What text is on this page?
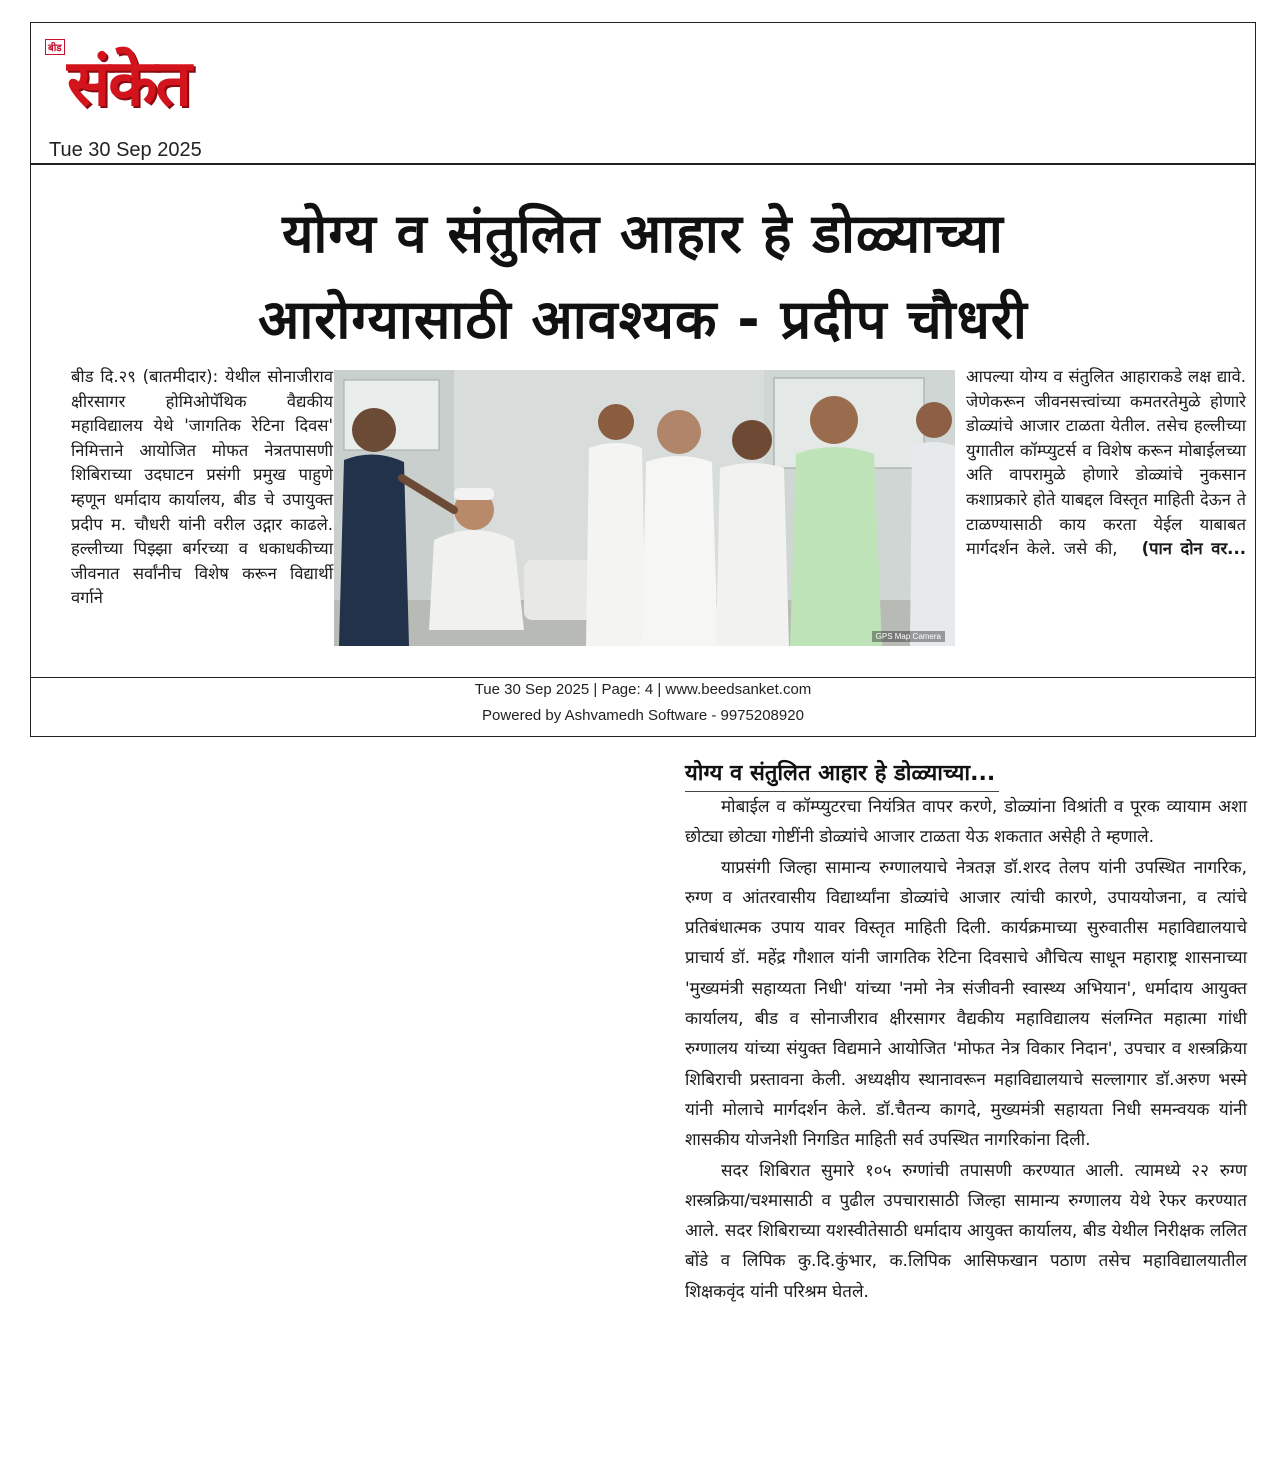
बीड संकेत
Tue 30 Sep 2025
योग्य व संतुलित आहार हे डोळ्याच्या
आरोग्यासाठी आवश्यक - प्रदीप चौधरी
बीड दि.२९ (बातमीदार): येथील सोनाजीराव क्षीरसागर होमिओपॅथिक वैद्यकीय महाविद्यालय येथे 'जागतिक रेटिना दिवस' निमित्ताने आयोजित मोफत नेत्रतपासणी शिबिराच्या उदघाटन प्रसंगी प्रमुख पाहुणे म्हणून धर्मादाय कार्यालय, बीड चे उपायुक्त प्रदीप म. चौधरी यांनी वरील उद्गार काढले. हल्लीच्या पिझ्झा बर्गरच्या व धकाधकीच्या जीवनात सर्वांनीच विशेष करून विद्यार्थी वर्गाने
GPS Map Camera
आपल्या योग्य व संतुलित आहाराकडे लक्ष द्यावे. जेणेकरून जीवनसत्त्वांच्या कमतरतेमुळे होणारे डोळ्यांचे आजार टाळता येतील. तसेच हल्लीच्या युगातील कॉम्प्युटर्स व विशेष करून मोबाईलच्या अति वापरामुळे होणारे डोळ्यांचे नुकसान कशाप्रकारे होते याबद्दल विस्तृत माहिती देऊन ते टाळण्यासाठी काय करता येईल याबाबत मार्गदर्शन केले. जसे की, (पान दोन वर...
Tue 30 Sep 2025 | Page: 4 | www.beedsanket.com
Powered by Ashvamedh Software - 9975208920
योग्य व संतुलित आहार हे डोळ्याच्या...

मोबाईल व कॉम्प्युटरचा नियंत्रित वापर करणे, डोळ्यांना विश्रांती व पूरक व्यायाम अशा छोट्या छोट्या गोष्टींनी डोळ्यांचे आजार टाळता येऊ शकतात असेही ते म्हणाले.

याप्रसंगी जिल्हा सामान्य रुग्णालयाचे नेत्रतज्ञ डॉ.शरद तेलप यांनी उपस्थित नागरिक, रुग्ण व आंतरवासीय विद्यार्थ्यांना डोळ्यांचे आजार त्यांची कारणे, उपाययोजना, व त्यांचे प्रतिबंधात्मक उपाय यावर विस्तृत माहिती दिली. कार्यक्रमाच्या सुरुवातीस महाविद्यालयाचे प्राचार्य डॉ. महेंद्र गौशाल यांनी जागतिक रेटिना दिवसाचे औचित्य साधून महाराष्ट्र शासनाच्या 'मुख्यमंत्री सहाय्यता निधी' यांच्या 'नमो नेत्र संजीवनी स्वास्थ्य अभियान', धर्मादाय आयुक्त कार्यालय, बीड व सोनाजीराव क्षीरसागर वैद्यकीय महाविद्यालय संलग्नित महात्मा गांधी रुग्णालय यांच्या संयुक्त विद्यमाने आयोजित 'मोफत नेत्र विकार निदान', उपचार व शस्त्रक्रिया शिबिराची प्रस्तावना केली. अध्यक्षीय स्थानावरून महाविद्यालयाचे सल्लागार डॉ.अरुण भस्मे यांनी मोलाचे मार्गदर्शन केले. डॉ.चैतन्य कागदे, मुख्यमंत्री सहायता निधी समन्वयक यांनी शासकीय योजनेशी निगडित माहिती सर्व उपस्थित नागरिकांना दिली.

सदर शिबिरात सुमारे १०५ रुग्णांची तपासणी करण्यात आली. त्यामध्ये २२ रुग्ण शस्त्रक्रिया/चश्मासाठी व पुढील उपचारासाठी जिल्हा सामान्य रुग्णालय येथे रेफर करण्यात आले. सदर शिबिराच्या यशस्वीतेसाठी धर्मादाय आयुक्त कार्यालय, बीड येथील निरीक्षक ललित बोंडे व लिपिक कु.दि.कुंभार, क.लिपिक आसिफखान पठाण तसेच महाविद्यालयातील शिक्षकवृंद यांनी परिश्रम घेतले.
